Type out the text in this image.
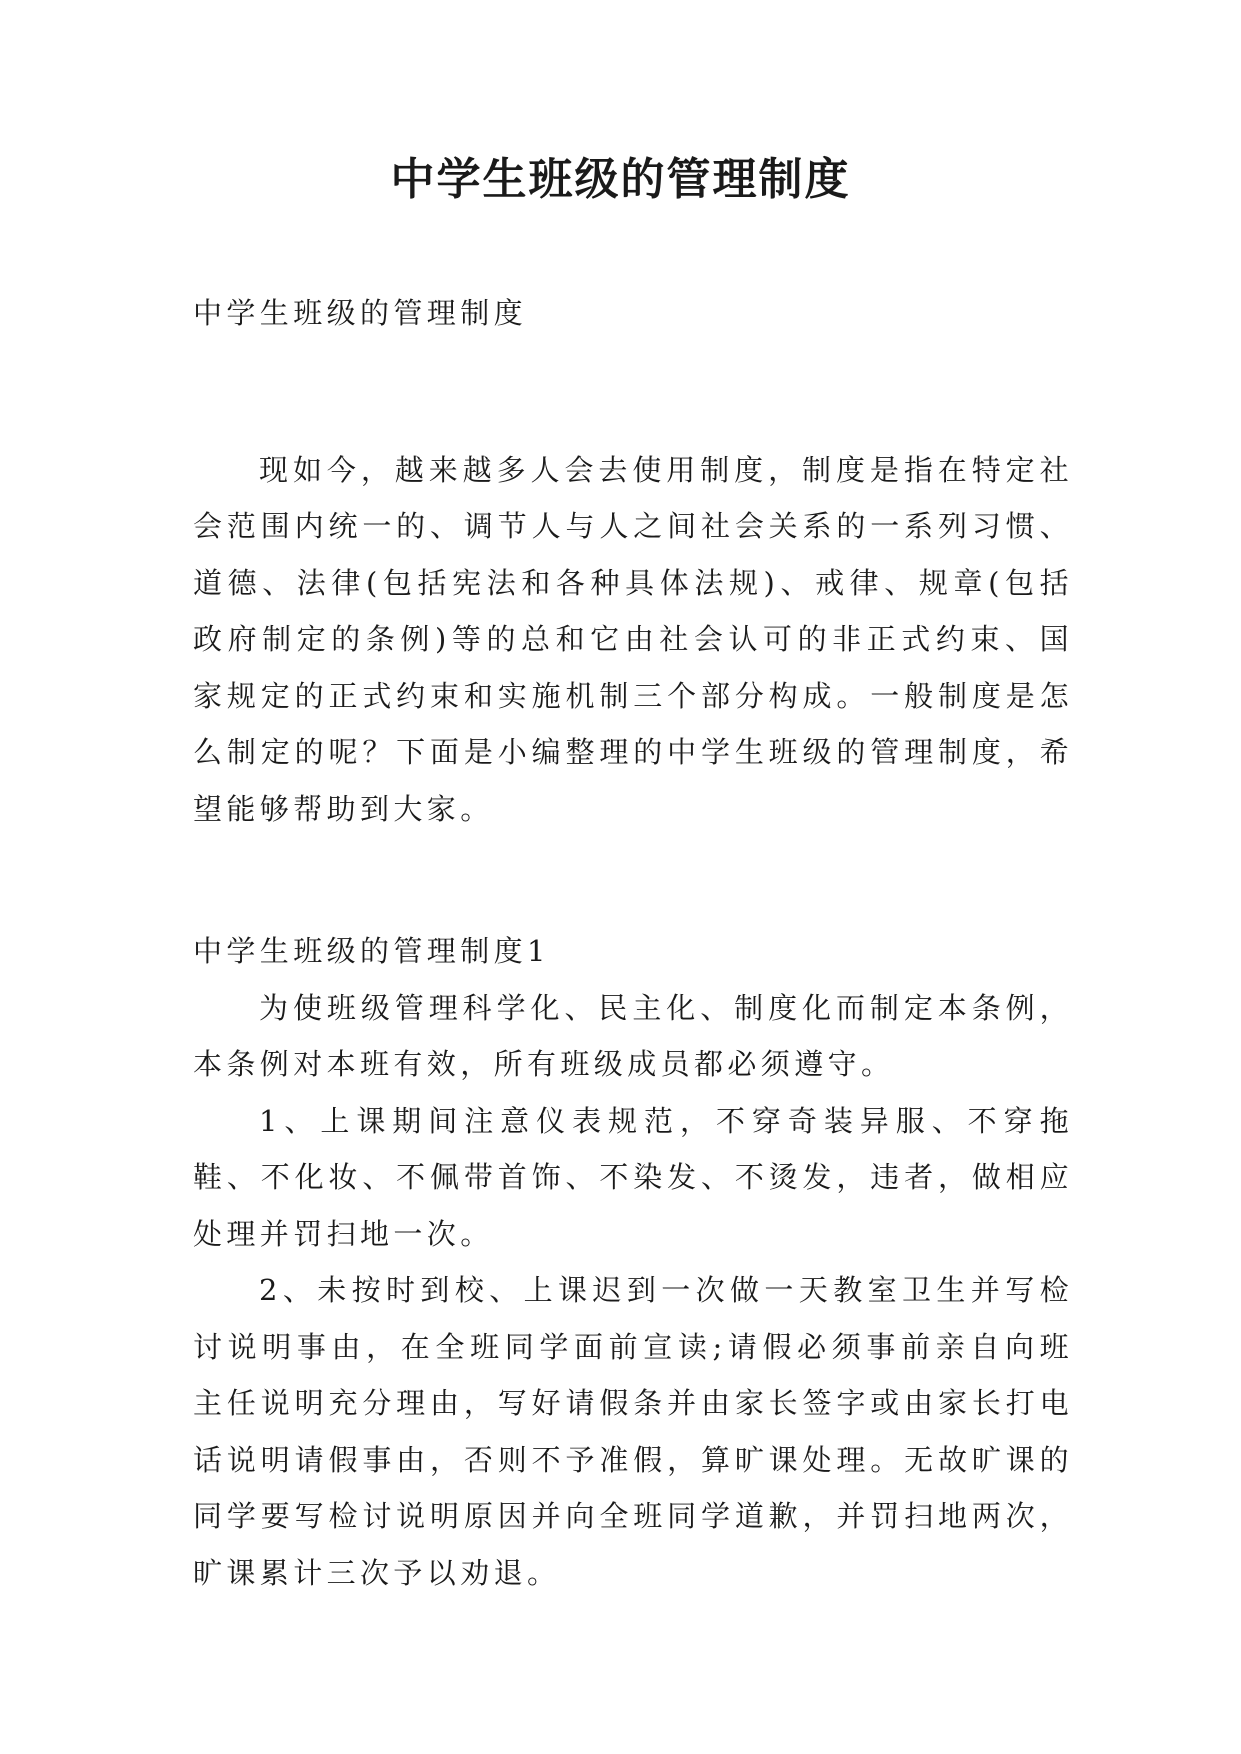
中学生班级的管理制度

中学生班级的管理制度

现如今，越来越多人会去使用制度，制度是指在特定社会范围内统一的、调节人与人之间社会关系的一系列习惯、道德、法律(包括宪法和各种具体法规)、戒律、规章(包括政府制定的条例)等的总和它由社会认可的非正式约束、国家规定的正式约束和实施机制三个部分构成。一般制度是怎么制定的呢？下面是小编整理的中学生班级的管理制度，希望能够帮助到大家。

中学生班级的管理制度1

为使班级管理科学化、民主化、制度化而制定本条例，本条例对本班有效，所有班级成员都必须遵守。

1、上课期间注意仪表规范，不穿奇装异服、不穿拖鞋、不化妆、不佩带首饰、不染发、不烫发，违者，做相应处理并罚扫地一次。

2、未按时到校、上课迟到一次做一天教室卫生并写检讨说明事由，在全班同学面前宣读;请假必须事前亲自向班主任说明充分理由，写好请假条并由家长签字或由家长打电话说明请假事由，否则不予准假，算旷课处理。无故旷课的同学要写检讨说明原因并向全班同学道歉，并罚扫地两次，旷课累计三次予以劝退。
